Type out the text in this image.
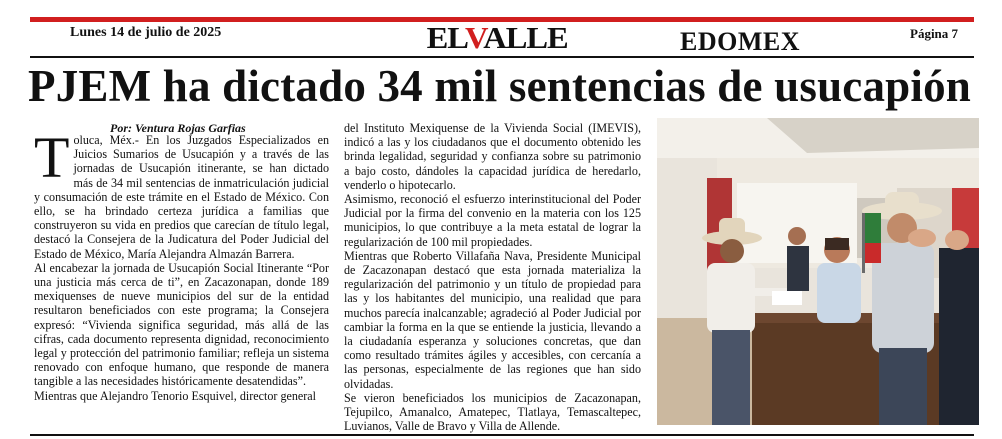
Lunes 14 de julio de 2025	ELVALLE	EDOMEX	Página 7
PJEM ha dictado 34 mil sentencias de usucapión
Por: Ventura Rojas Garfias

Toluca, Méx.- En los Juzgados Especializados en Juicios Sumarios de Usucapión y a través de las jornadas de Usucapión itinerante, se han dictado más de 34 mil sentencias de inmatriculación judicial y consumación de este trámite en el Estado de México. Con ello, se ha brindado certeza jurídica a familias que construyeron su vida en predios que carecían de título legal, destacó la Consejera de la Judicatura del Poder Judicial del Estado de México, María Alejandra Almazán Barrera.

Al encabezar la jornada de Usucapión Social Itinerante “Por una justicia más cerca de ti”, en Zacazonapan, donde 189 mexiquenses de nueve municipios del sur de la entidad resultaron beneficiados con este programa; la Consejera expresó: “Vivienda significa seguridad, más allá de las cifras, cada documento representa dignidad, reconocimiento legal y protección del patrimonio familiar; refleja un sistema renovado con enfoque humano, que responde de manera tangible a las necesidades históricamente desatendidas”.

Mientras que Alejandro Tenorio Esquivel, director general

del Instituto Mexiquense de la Vivienda Social (IMEVIS), indicó a las y los ciudadanos que el documento obtenido les brinda legalidad, seguridad y confianza sobre su patrimonio a bajo costo, dándoles la capacidad jurídica de heredarlo, venderlo o hipotecarlo.

Asimismo, reconoció el esfuerzo interinstitucional del Poder Judicial por la firma del convenio en la materia con los 125 municipios, lo que contribuye a la meta estatal de lograr la regularización de 100 mil propiedades.

Mientras que Roberto Villafaña Nava, Presidente Municipal de Zacazonapan destacó que esta jornada materializa la regularización del patrimonio y un título de propiedad para las y los habitantes del municipio, una realidad que para muchos parecía inalcanzable; agradeció al Poder Judicial por cambiar la forma en la que se entiende la justicia, llevando a la ciudadanía esperanza y soluciones concretas, que dan como resultado trámites ágiles y accesibles, con cercanía a las personas, especialmente de las regiones que han sido olvidadas.

Se vieron beneficiados los municipios de Zacazonapan, Tejupilco, Amanalco, Amatepec, Tlatlaya, Temascaltepec, Luvianos, Valle de Bravo y Villa de Allende.
